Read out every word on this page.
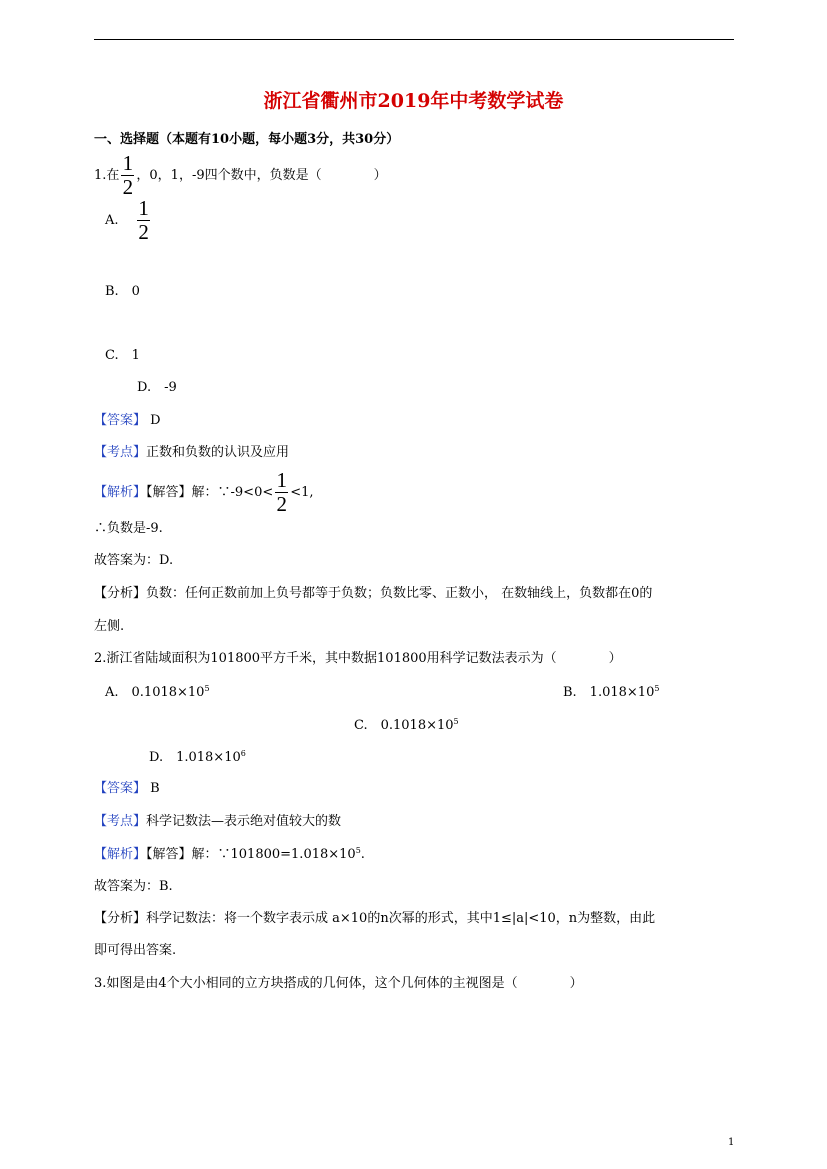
浙江省衢州市2019年中考数学试卷
一、选择题（本题有10小题，每小题3分，共30分）
1.在 $\frac{1}{2}$ ，0，1，-9四个数中，负数是（　　　　）
A. $\frac{1}{2}$
B.　0
C.　1
D.　-9
【答案】 D
【考点】正数和负数的认识及应用
【解析】【解答】解：∵-9<0< $\frac{1}{2} <1$,
∴负数是-9.
故答案为：D.
【分析】负数：任何正数前加上负号都等于负数；负数比零、正数小， 在数轴线上，负数都在0的
左侧.
2.浙江省陆域面积为101800平方千米，其中数据101800用科学记数法表示为（　　　　）
A.　$0.1018\times 10^5$	B.　$1.018\times 10^5$
C.　$0.1018\times 10^5$
D.　$1.018\times 10^6$
【答案】 B
【考点】科学记数法—表示绝对值较大的数
【解析】【解答】解：$\because 101800=1.018\times 10^5$.
故答案为：B.
【分析】科学记数法：将一个数字表示成 a×10的n次幂的形式，其中1≤|a|<10，n为整数，由此
即可得出答案.
3.如图是由4个大小相同的立方块搭成的几何体，这个几何体的主视图是（　　　　）
1
